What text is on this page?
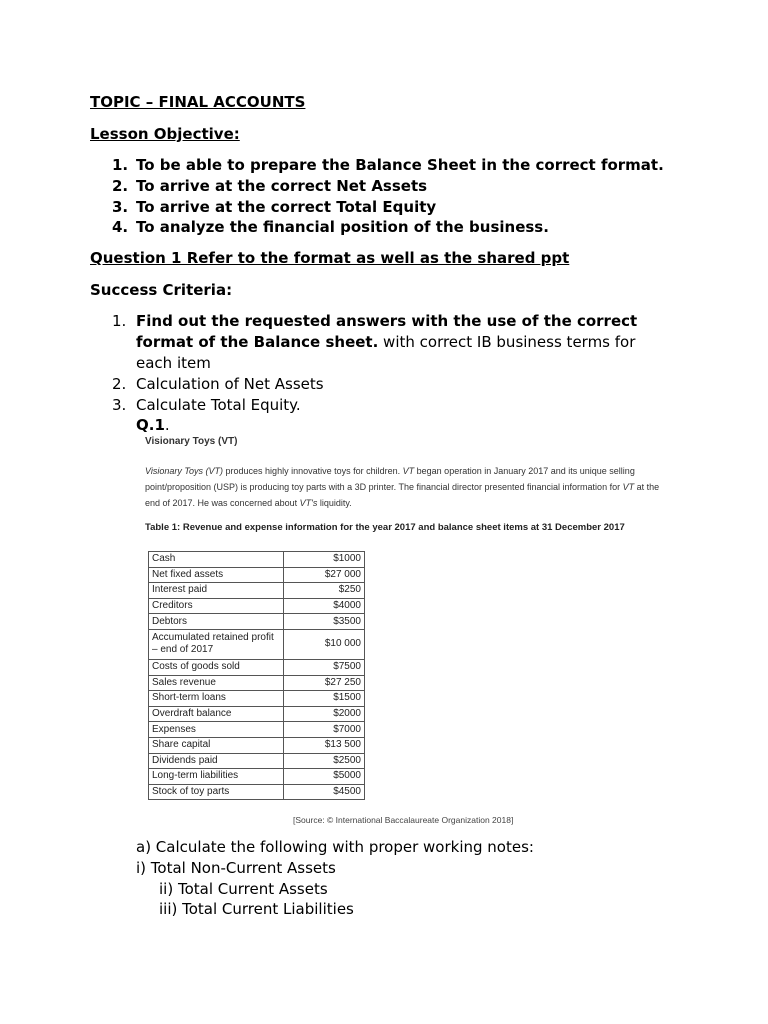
TOPIC – FINAL ACCOUNTS
Lesson Objective:
1. To be able to prepare the Balance Sheet in the correct format.
2. To arrive at the correct Net Assets
3. To arrive at the correct Total Equity
4. To analyze the financial position of the business.
Question 1 Refer to the format as well as the shared ppt
Success Criteria:
1. Find out the requested answers with the use of the correct
format of the Balance sheet. with correct IB business terms for
each item
2. Calculation of Net Assets
3. Calculate Total Equity.
Q.1.
Visionary Toys (VT)
Visionary Toys (VT) produces highly innovative toys for children. VT began operation in January 2017 and its unique selling
point/proposition (USP) is producing toy parts with a 3D printer. The financial director presented financial information for VT at the
end of 2017. He was concerned about VT's liquidity.
Table 1: Revenue and expense information for the year 2017 and balance sheet items at 31 December 2017
Cash	$1000
Net fixed assets	$27 000
Interest paid	$250
Creditors	$4000
Debtors	$3500

Accumulated retained profit
– end of 2017	$10 000
Costs of goods sold	$7500
Sales revenue	$27 250
Short-term loans	$1500
Overdraft balance	$2000
Expenses	$7000
Share capital	$13 500
Dividends paid	$2500
Long-term liabilities	$5000
Stock of toy parts	$4500
[Source: © International Baccalaureate Organization 2018]
a) Calculate the following with proper working notes:
i) Total Non-Current Assets
ii) Total Current Assets
iii) Total Current Liabilities
